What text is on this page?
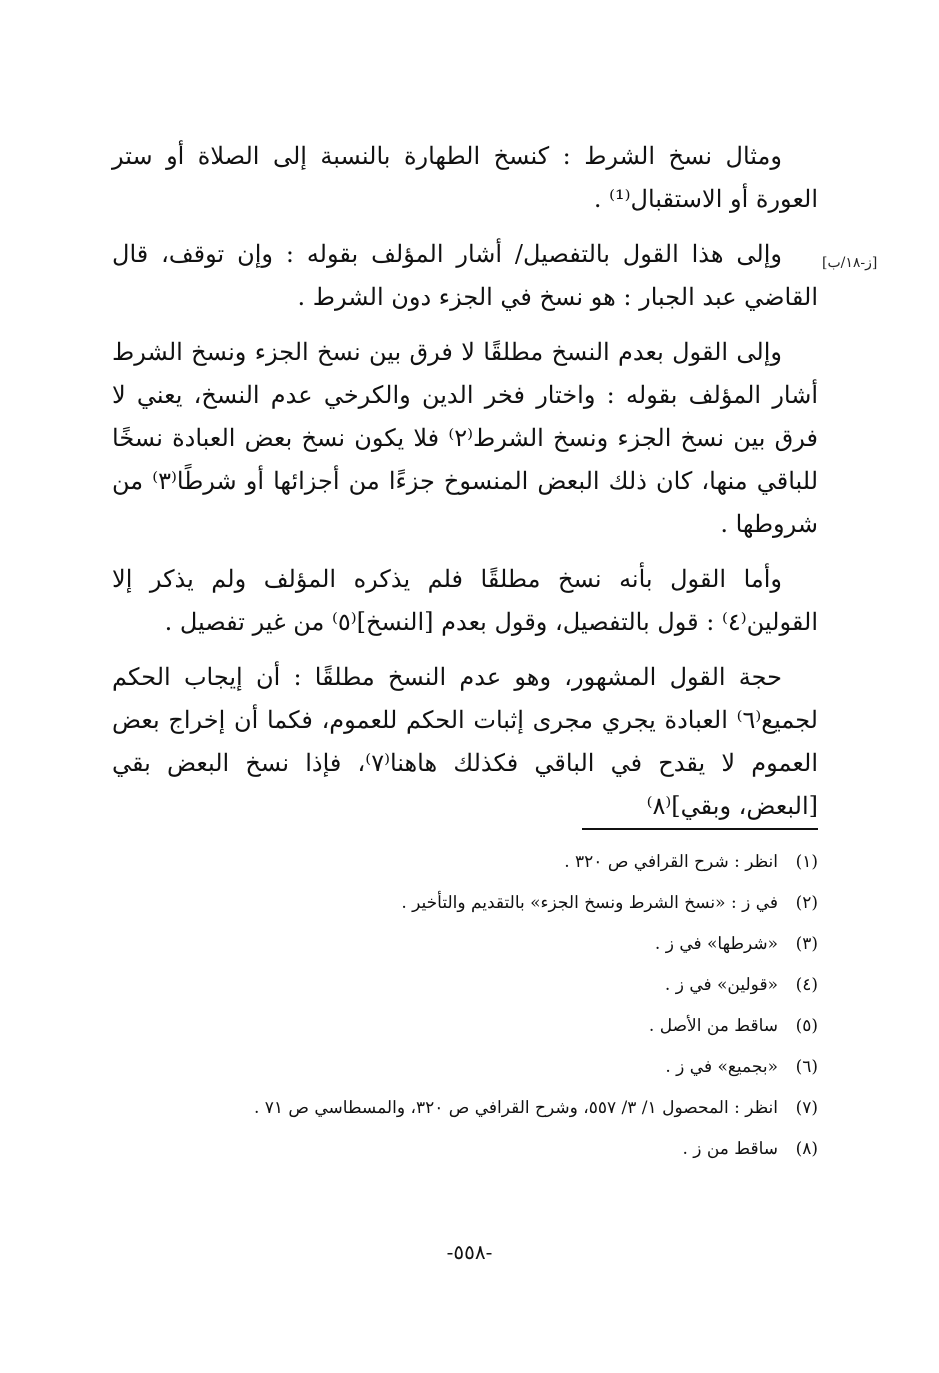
[ز-١٨/ب]

ومثال نسخ الشرط : كنسخ الطهارة بالنسبة إلى الصلاة أو ستر العورة أو الاستقبال⁽¹⁾ .

وإلى هذا القول بالتفصيل/ أشار المؤلف بقوله : وإن توقف، قال القاضي عبد الجبار : هو نسخ في الجزء دون الشرط .

وإلى القول بعدم النسخ مطلقًا لا فرق بين نسخ الجزء ونسخ الشرط أشار المؤلف بقوله : واختار فخر الدين والكرخي عدم النسخ، يعني لا فرق بين نسخ الجزء ونسخ الشرط⁽٢⁾ فلا يكون نسخ بعض العبادة نسخًا للباقي منها، كان ذلك البعض المنسوخ جزءًا من أجزائها أو شرطًا⁽٣⁾ من شروطها .

وأما القول بأنه نسخ مطلقًا فلم يذكره المؤلف ولم يذكر إلا القولين⁽٤⁾ : قول بالتفصيل، وقول بعدم [النسخ]⁽٥⁾ من غير تفصيل .

حجة القول المشهور، وهو عدم النسخ مطلقًا : أن إيجاب الحكم لجميع⁽٦⁾ العبادة يجري مجرى إثبات الحكم للعموم، فكما أن إخراج بعض العموم لا يقدح في الباقي فكذلك هاهنا⁽٧⁾، فإذا نسخ البعض بقي [البعض، وبقي]⁽٨⁾

(١)
انظر : شرح القرافي ص ٣٢٠ .
(٢)
في ز : «نسخ الشرط ونسخ الجزء» بالتقديم والتأخير .
(٣)
«شرطها» في ز .
(٤)
«قولين» في ز .
(٥)
ساقط من الأصل .
(٦)
«بجميع» في ز .
(٧)
انظر : المحصول ١/ ٣/ ٥٥٧، وشرح القرافي ص ٣٢٠، والمسطاسي ص ٧١ .
(٨)
ساقط من ز .
-٥٥٨-
